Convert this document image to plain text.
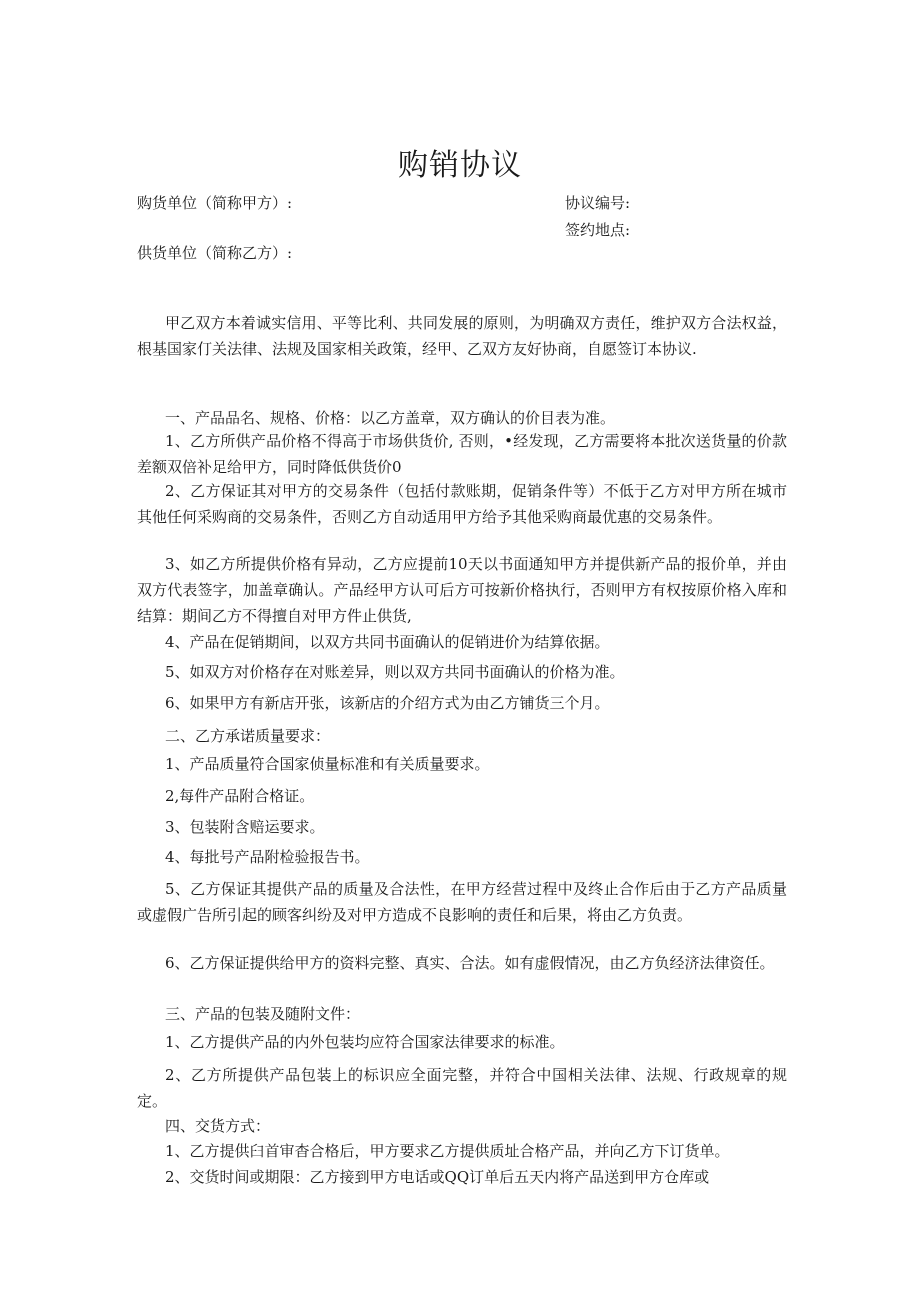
购销协议
购货单位（简称甲方）:	协议编号:
签约地点:
供货单位（简称乙方）:
甲乙双方本着诚实信用、平等比利、共同发展的原则，为明确双方责任，维护双方合法权益，根基国家仃关法律、法规及国家相关政策，经甲、乙双方友好协商，自愿签订本协议.
一、产品品名、规格、价格：以乙方盖章，双方确认的价目表为准。
1、乙方所供产品价格不得高于市场供货价, 否则，•经发现，乙方需要将本批次送货量的价款差额双倍补足给甲方，同时降低供货价0
2、乙方保证其对甲方的交易条件（包括付款账期，促销条件等）不低于乙方对甲方所在城市其他任何采购商的交易条件，否则乙方自动适用甲方给予其他采购商最优惠的交易条件。
3、如乙方所提供价格有异动，乙方应提前10天以书面通知甲方并提供新产品的报价单，并由双方代表签字，加盖章确认。产品经甲方认可后方可按新价格执行，否则甲方有权按原价格入库和结算：期间乙方不得擅自对甲方件止供货,
4、产品在促销期间，以双方共同书面确认的促销进价为结算依据。
5、如双方对价格存在对账差异，则以双方共同书面确认的价格为准。
6、如果甲方有新店开张，该新店的介绍方式为由乙方铺货三个月。
二、乙方承诺质量要求：
1、产品质量符合国家侦量标准和有关质量要求。
2,每件产品附合格证。
3、包装附含赔运要求。
4、每批号产品附检验报告书。
5、乙方保证其提供产品的质量及合法性，在甲方经营过程中及终止合作后由于乙方产品质量或虚假广告所引起的顾客纠纷及对甲方造成不良影响的责任和后果，将由乙方负责。
6、乙方保证提供给甲方的资料完整、真实、合法。如有虚假情况，由乙方负经济法律资任。
三、产品的包装及随附文件：
1、乙方提供产品的内外包装均应符合国家法律要求的标准。
2、乙方所提供产品包装上的标识应全面完整，并符合中国相关法律、法规、行政规章的规定。
四、交货方式：
1、乙方提供臼首审杳合格后，甲方要求乙方提供质址合格产品，并向乙方下订货单。
2、交货时间或期限：乙方接到甲方电话或QQ订单后五天内将产品送到甲方仓库或
